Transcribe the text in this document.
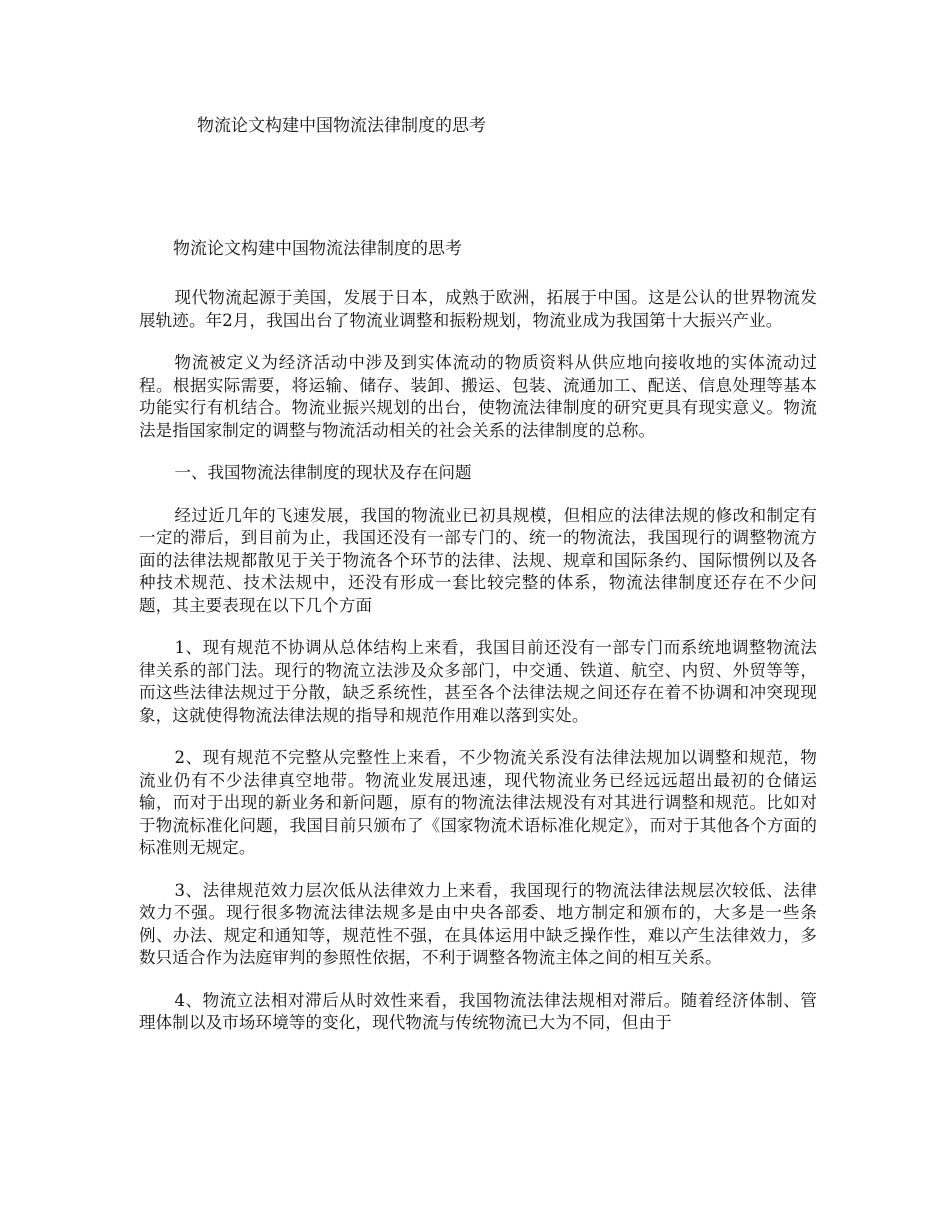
物流论文构建中国物流法律制度的思考
物流论文构建中国物流法律制度的思考

现代物流起源于美国，发展于日本，成熟于欧洲，拓展于中国。这是公认的世界物流发展轨迹。年2月，我国出台了物流业调整和振粉规划，物流业成为我国第十大振兴产业。

物流被定义为经济活动中涉及到实体流动的物质资料从供应地向接收地的实体流动过程。根据实际需要，将运输、储存、装卸、搬运、包装、流通加工、配送、信息处理等基本功能实行有机结合。物流业振兴规划的出台，使物流法律制度的研究更具有现实意义。物流法是指国家制定的调整与物流活动相关的社会关系的法律制度的总称。

一、我国物流法律制度的现状及存在问题

经过近几年的飞速发展，我国的物流业已初具规模，但相应的法律法规的修改和制定有一定的滞后，到目前为止，我国还没有一部专门的、统一的物流法，我国现行的调整物流方面的法律法规都散见于关于物流各个环节的法律、法规、规章和国际条约、国际惯例以及各种技术规范、技术法规中，还没有形成一套比较完整的体系，物流法律制度还存在不少问题，其主要表现在以下几个方面

1、现有规范不协调从总体结构上来看，我国目前还没有一部专门而系统地调整物流法律关系的部门法。现行的物流立法涉及众多部门，中交通、铁道、航空、内贸、外贸等等，而这些法律法规过于分散，缺乏系统性，甚至各个法律法规之间还存在着不协调和冲突现现象，这就使得物流法律法规的指导和规范作用难以落到实处。

2、现有规范不完整从完整性上来看，不少物流关系没有法律法规加以调整和规范，物流业仍有不少法律真空地带。物流业发展迅速，现代物流业务已经远远超出最初的仓储运输，而对于出现的新业务和新问题，原有的物流法律法规没有对其进行调整和规范。比如对于物流标准化问题，我国目前只颁布了《国家物流术语标准化规定》，而对于其他各个方面的标准则无规定。

3、法律规范效力层次低从法律效力上来看，我国现行的物流法律法规层次较低、法律效力不强。现行很多物流法律法规多是由中央各部委、地方制定和颁布的，大多是一些条例、办法、规定和通知等，规范性不强，在具体运用中缺乏操作性，难以产生法律效力，多数只适合作为法庭审判的参照性依据，不利于调整各物流主体之间的相互关系。

4、物流立法相对滞后从时效性来看，我国物流法律法规相对滞后。随着经济体制、管理体制以及市场环境等的变化，现代物流与传统物流已大为不同，但由于
